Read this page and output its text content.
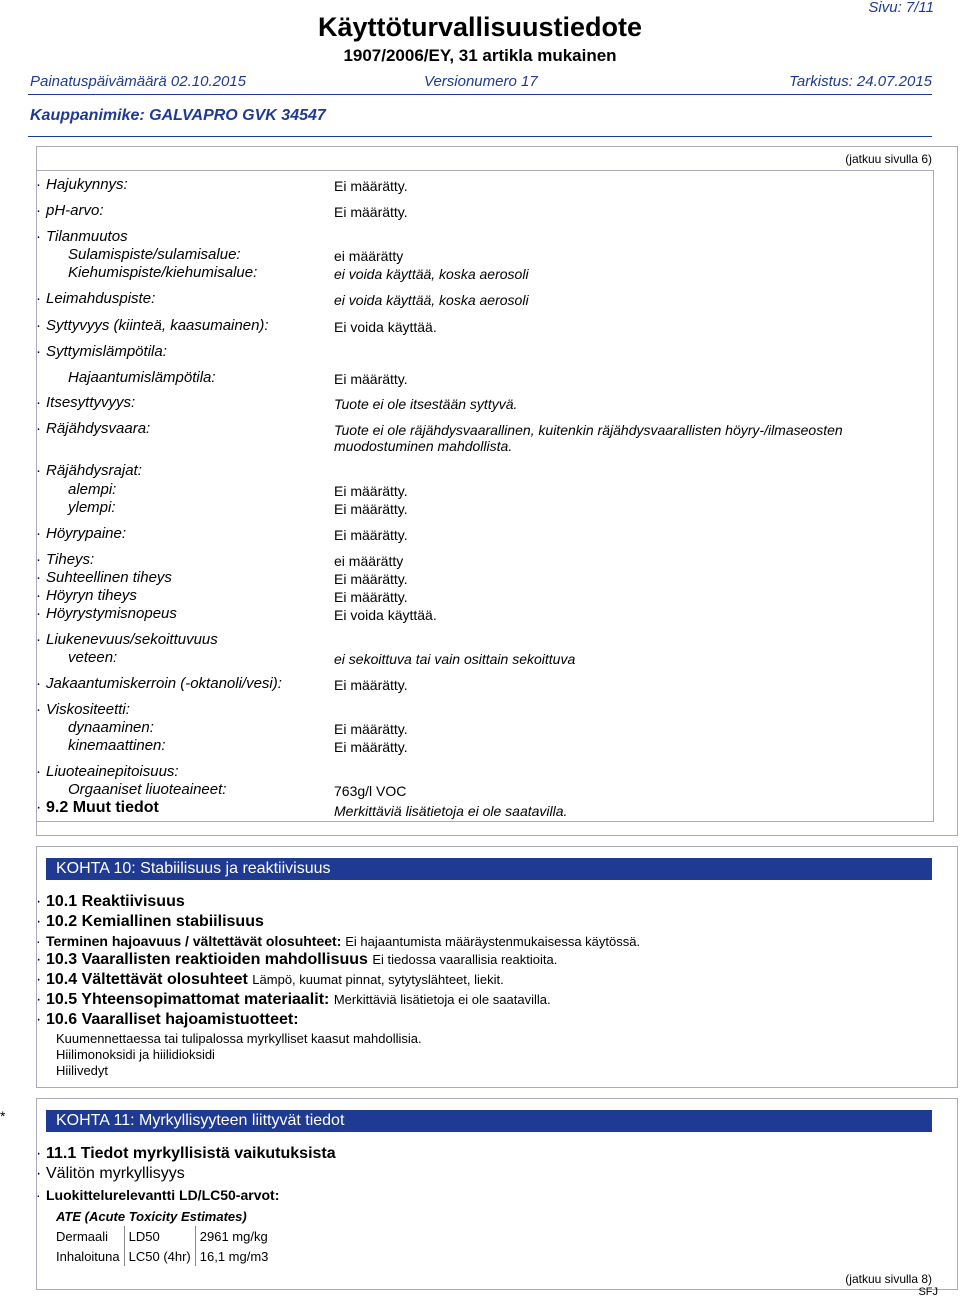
Käyttöturvallisuustiedote
1907/2006/EY, 31 artikla mukainen
Sivu: 7/11
Painatuspäivämäärä 02.10.2015	Versionumero 17	Tarkistus: 24.07.2015
Kauppanimike: GALVAPRO GVK 34547
(jatkuu sivulla 6)
· Hajukynnys:	Ei määrätty.
· pH-arvo:	Ei määrätty.
· Tilanmuutos
Sulamispiste/sulamisalue:	ei määrätty
Kiehumispiste/kiehumisalue:	ei voida käyttää, koska aerosoli
· Leimahduspiste:	ei voida käyttää, koska aerosoli
· Syttyvyys (kiinteä, kaasumainen):	Ei voida käyttää.
· Syttymislämpötila:
Hajaantumislämpötila:	Ei määrätty.
· Itsesyttyvyys:	Tuote ei ole itsestään syttyvä.
· Räjähdysvaara:	Tuote ei ole räjähdysvaarallinen, kuitenkin räjähdysvaarallisten höyry-/ilmaseosten
muodostuminen mahdollista.
· Räjähdysrajat:
alempi:	Ei määrätty.
ylempi:	Ei määrätty.
· Höyrypaine:	Ei määrätty.
· Tiheys:	ei määrätty
· Suhteellinen tiheys	Ei määrätty.
· Höyryn tiheys	Ei määrätty.
· Höyrystymisnopeus	Ei voida käyttää.
· Liukenevuus/sekoittuvuus
veteen:	ei sekoittuva tai vain osittain sekoittuva
· Jakaantumiskerroin (-oktanoli/vesi):	Ei määrätty.
· Viskositeetti:
dynaaminen:	Ei määrätty.
kinemaattinen:	Ei määrätty.
· Liuoteainepitoisuus:
Orgaaniset liuoteaineet:	763g/l VOC
· 9.2 Muut tiedot	Merkittäviä lisätietoja ei ole saatavilla.
KOHTA 10: Stabiilisuus ja reaktiivisuus
· 10.1 Reaktiivisuus
· 10.2 Kemiallinen stabiilisuus
· Terminen hajoavuus / vältettävät olosuhteet: Ei hajaantumista määräystenmukaisessa käytössä.
· 10.3 Vaarallisten reaktioiden mahdollisuus Ei tiedossa vaarallisia reaktioita.
· 10.4 Vältettävät olosuhteet Lämpö, kuumat pinnat, sytytyslähteet, liekit.
· 10.5 Yhteensopimattomat materiaalit: Merkittäviä lisätietoja ei ole saatavilla.
· 10.6 Vaaralliset hajoamistuotteet:
Kuumennettaessa tai tulipalossa myrkylliset kaasut mahdollisia.
Hiilimonoksidi ja hiilidioksidi
Hiilivedyt
*	KOHTA 11: Myrkyllisyyteen liittyvät tiedot
· 11.1 Tiedot myrkyllisistä vaikutuksista
· Välitön myrkyllisyys
· Luokittelurelevantti LD/LC50-arvot:
ATE (Acute Toxicity Estimates)
Dermaali	LD50	2961 mg/kg
Inhaloituna	LC50 (4hr)	16,1 mg/m3
(jatkuu sivulla 8)
SFJ
